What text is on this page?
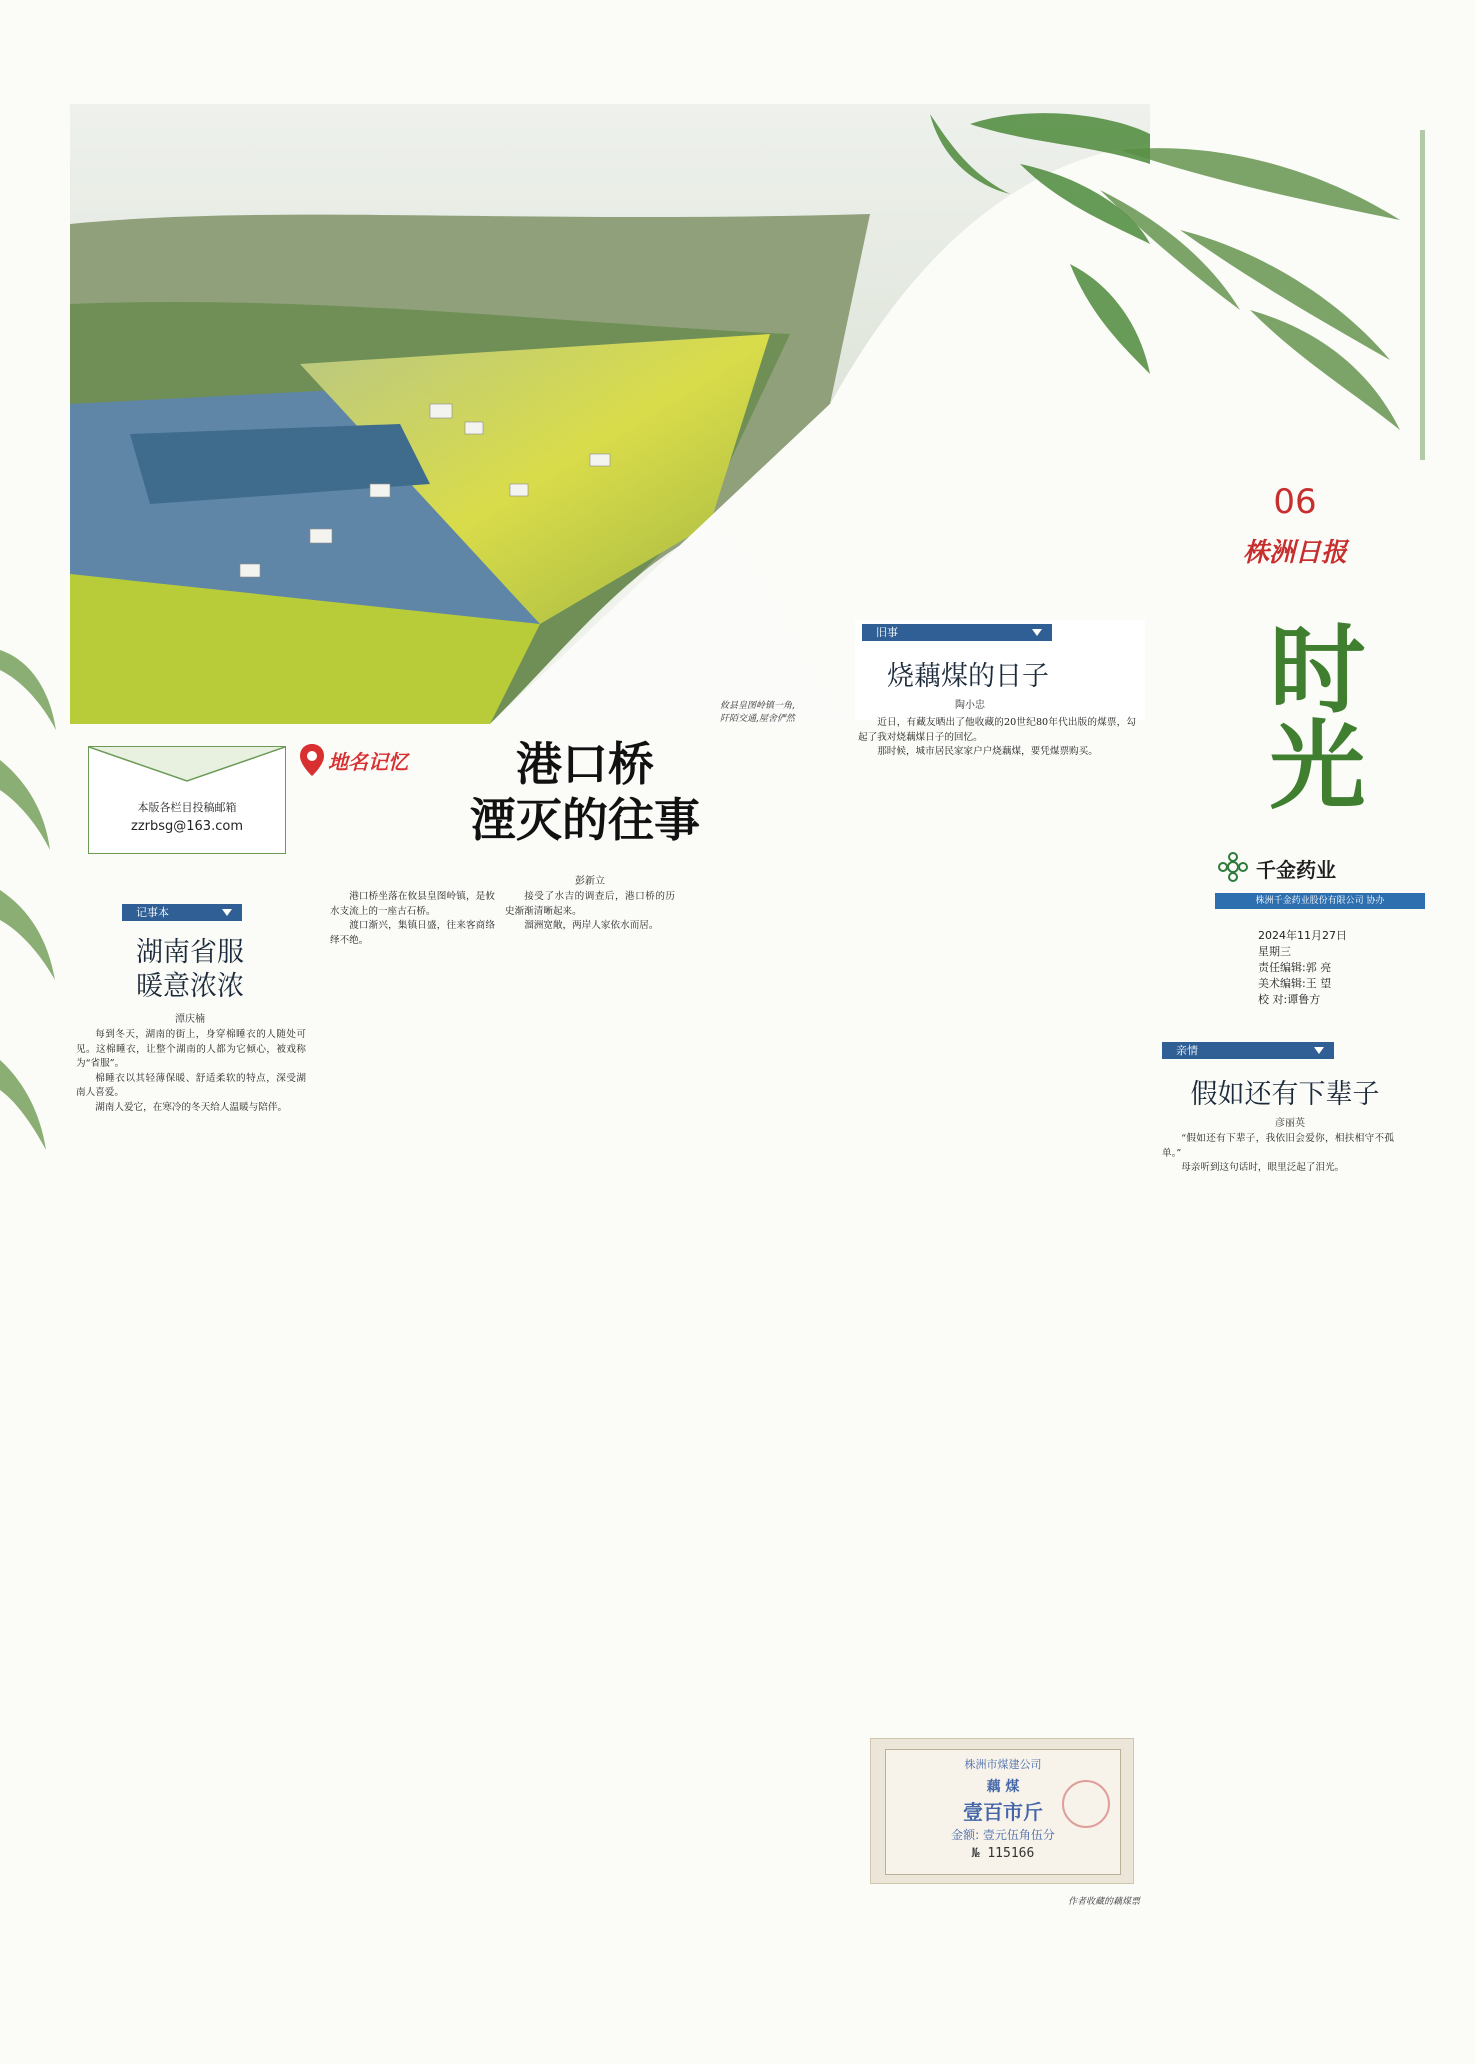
06
株洲日报
时光
千金药业
株洲千金药业股份有限公司 协办
2024年11月27日
星期三
责任编辑:郭 亮
美术编辑:王 望
校 对:谭鲁方
攸县皇图岭镇一角,
阡陌交通,屋舍俨然
本版各栏目投稿邮箱
zzrbsg@163.com
地名记忆	港口桥
湮灭的往事
彭新立
记事本
湖南省服
暖意浓浓
潭庆楠

每到冬天，湖南的街上，身穿棉睡衣的人随处可见。这棉睡衣，让整个湖南的人都为它倾心，被戏称为“省服”。

棉睡衣以其轻薄保暖、舒适柔软的特点，深受湖南人喜爱。

湖南人爱它，在寒冷的冬天给人温暖与陪伴。

港口桥坐落在攸县皇图岭镇，是攸水支流上的一座古石桥。

渡口渐兴，集镇日盛，往来客商络绎不绝。

接受了水吉的调查后，港口桥的历史渐渐清晰起来。

溜洲宽敞，两岸人家依水而居。

旧事
烧藕煤的日子
陶小忠

近日，有藏友晒出了他收藏的20世纪80年代出版的煤票，勾起了我对烧藕煤日子的回忆。

那时候，城市居民家家户户烧藕煤，要凭煤票购买。

株洲市煤建公司
藕 煤
壹百市斤
金额: 壹元伍角伍分
№ 115166
作者收藏的藕煤票
亲情
假如还有下辈子
彦丽英

“假如还有下辈子，我依旧会爱你，相扶相守不孤单。”

母亲听到这句话时，眼里泛起了泪光。
